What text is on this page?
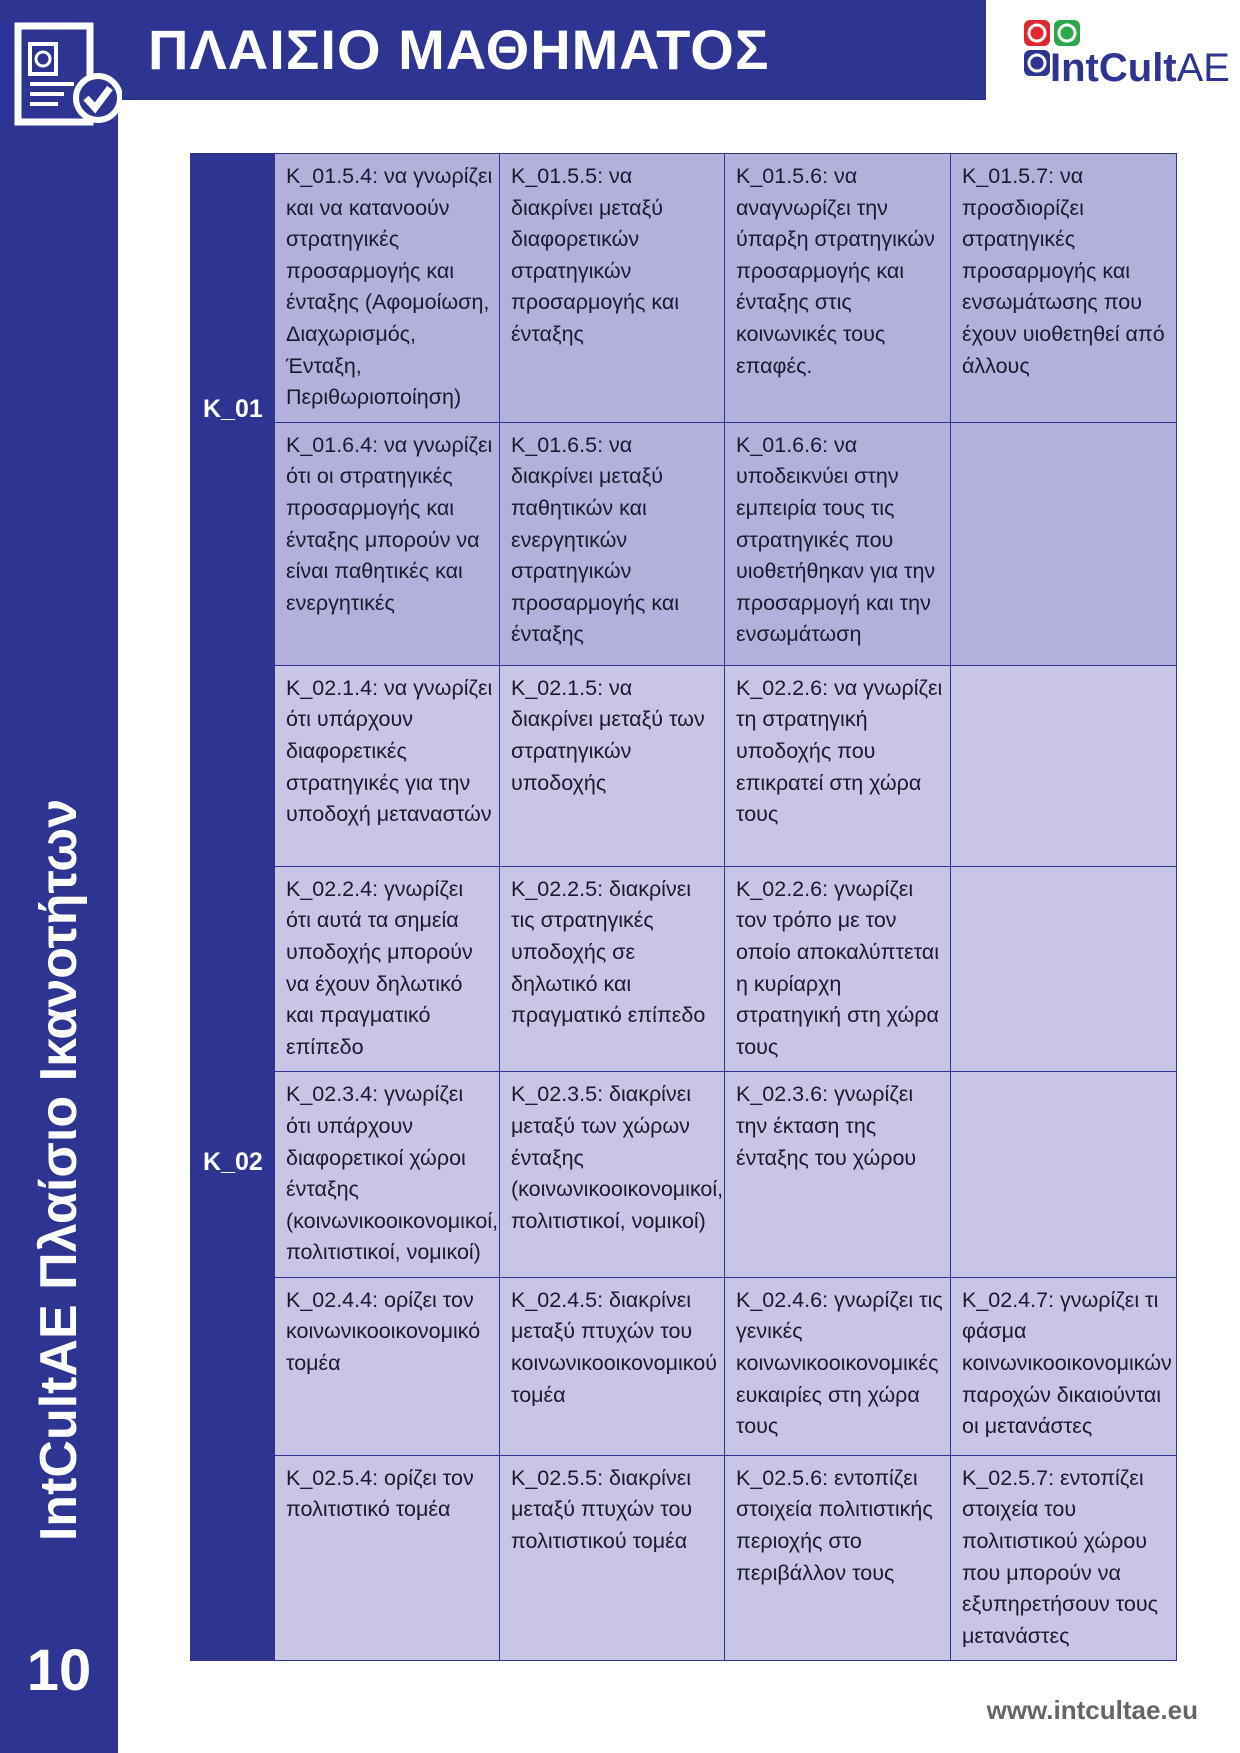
ΠΛΑΙΣΙΟ ΜΑΘΗΜΑΤΟΣ	IntCultAE
IntCultAE Πλαίσιο Ικανοτήτων
10
K_01	K_01.5.4: να γνωρίζει και να κατανοούν στρατηγικές προσαρμογής και ένταξης (Αφομοίωση, Διαχωρισμός, Ένταξη, Περιθωριοποίηση)	K_01.5.5: να διακρίνει μεταξύ διαφορετικών στρατηγικών προσαρμογής και ένταξης	K_01.5.6: να αναγνωρίζει την ύπαρξη στρατηγικών προσαρμογής και ένταξης στις κοινωνικές τους επαφές.	K_01.5.7: να προσδιορίζει στρατηγικές προσαρμογής και ενσωμάτωσης που έχουν υιοθετηθεί από άλλους
	K_01.6.4: να γνωρίζει ότι οι στρατηγικές προσαρμογής και ένταξης μπορούν να είναι παθητικές και ενεργητικές	K_01.6.5: να διακρίνει μεταξύ παθητικών και ενεργητικών στρατηγικών προσαρμογής και ένταξης	K_01.6.6: να υποδεικνύει στην εμπειρία τους τις στρατηγικές που υιοθετήθηκαν για την προσαρμογή και την ενσωμάτωση	
K_02	K_02.1.4: να γνωρίζει ότι υπάρχουν διαφορετικές στρατηγικές για την υποδοχή μεταναστών	K_02.1.5: να διακρίνει μεταξύ των στρατηγικών υποδοχής	K_02.2.6: να γνωρίζει τη στρατηγική υποδοχής που επικρατεί στη χώρα τους	
	K_02.2.4: γνωρίζει ότι αυτά τα σημεία υποδοχής μπορούν να έχουν δηλωτικό και πραγματικό επίπεδο	K_02.2.5: διακρίνει τις στρατηγικές υποδοχής σε δηλωτικό και πραγματικό επίπεδο	K_02.2.6: γνωρίζει τον τρόπο με τον οποίο αποκαλύπτεται η κυρίαρχη στρατηγική στη χώρα τους	
	K_02.3.4: γνωρίζει ότι υπάρχουν διαφορετικοί χώροι ένταξης (κοινωνικοοικονομικοί, πολιτιστικοί, νομικοί)	K_02.3.5: διακρίνει μεταξύ των χώρων ένταξης (κοινωνικοοικονομικοί, πολιτιστικοί, νομικοί)	K_02.3.6: γνωρίζει την έκταση της ένταξης του χώρου	
	K_02.4.4: ορίζει τον κοινωνικοοικονομικό τομέα	K_02.4.5: διακρίνει μεταξύ πτυχών του κοινωνικοοικονομικού τομέα	K_02.4.6: γνωρίζει τις γενικές κοινωνικοοικονομικές ευκαιρίες στη χώρα τους	K_02.4.7: γνωρίζει τι φάσμα κοινωνικοοικονομικών παροχών δικαιούνται οι μετανάστες
	K_02.5.4: ορίζει τον πολιτιστικό τομέα	K_02.5.5: διακρίνει μεταξύ πτυχών του πολιτιστικού τομέα	K_02.5.6: εντοπίζει στοιχεία πολιτιστικής περιοχής στο περιβάλλον τους	K_02.5.7: εντοπίζει στοιχεία του πολιτιστικού χώρου που μπορούν να εξυπηρετήσουν τους μετανάστες
www.intcultae.eu
